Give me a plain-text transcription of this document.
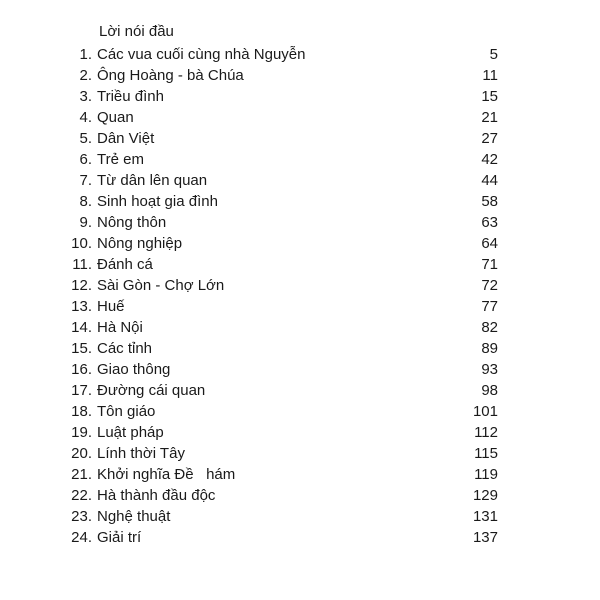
Lời nói đầu
1. Các vua cuối cùng nhà Nguyễn	5
2. Ông Hoàng - bà Chúa	11
3. Triều đình	15
4. Quan	21
5. Dân Việt	27
6. Trẻ em	42
7. Từ dân lên quan	44
8. Sinh hoạt gia đình	58
9. Nông thôn	63
10. Nông nghiệp	64
11. Đánh cá	71
12. Sài Gòn - Chợ Lớn	72
13. Huế	77
14. Hà Nội	82
15. Các tỉnh	89
16. Giao thông	93
17. Đường cái quan	98
18. Tôn giáo	101
19. Luật pháp	112
20. Lính thời Tây	115
21. Khởi nghĩa Đề   hám	119
22. Hà thành đầu độc	129
23. Nghệ thuật	131
24. Giải trí	137
